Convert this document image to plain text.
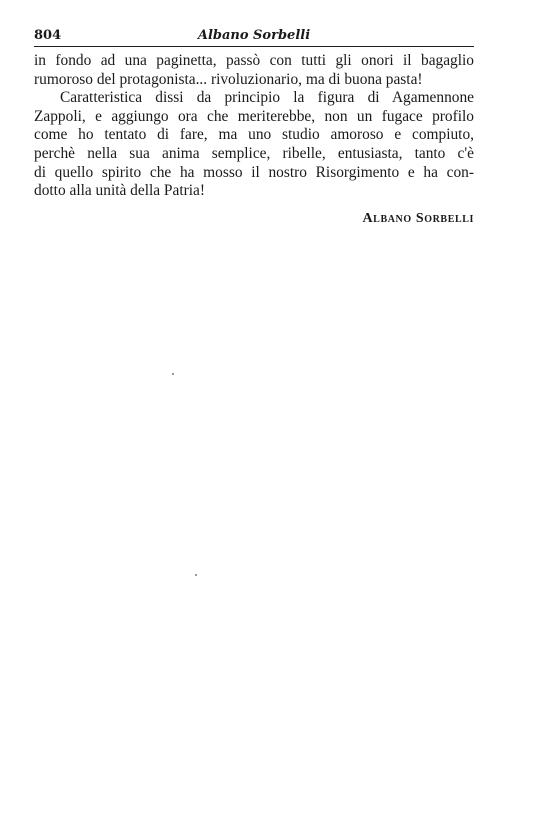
804	Albano Sorbelli
in fondo ad una paginetta, passò con tutti gli onori il bagaglio
rumoroso del protagonista... rivoluzionario, ma di buona pasta!
Caratteristica dissi da principio la figura di Agamennone
Zappoli, e aggiungo ora che meriterebbe, non un fugace profilo
come ho tentato di fare, ma uno studio amoroso e compiuto,
perchè nella sua anima semplice, ribelle, entusiasta, tanto c'è
di quello spirito che ha mosso il nostro Risorgimento e ha con-
dotto alla unità della Patria!
Albano Sorbelli
